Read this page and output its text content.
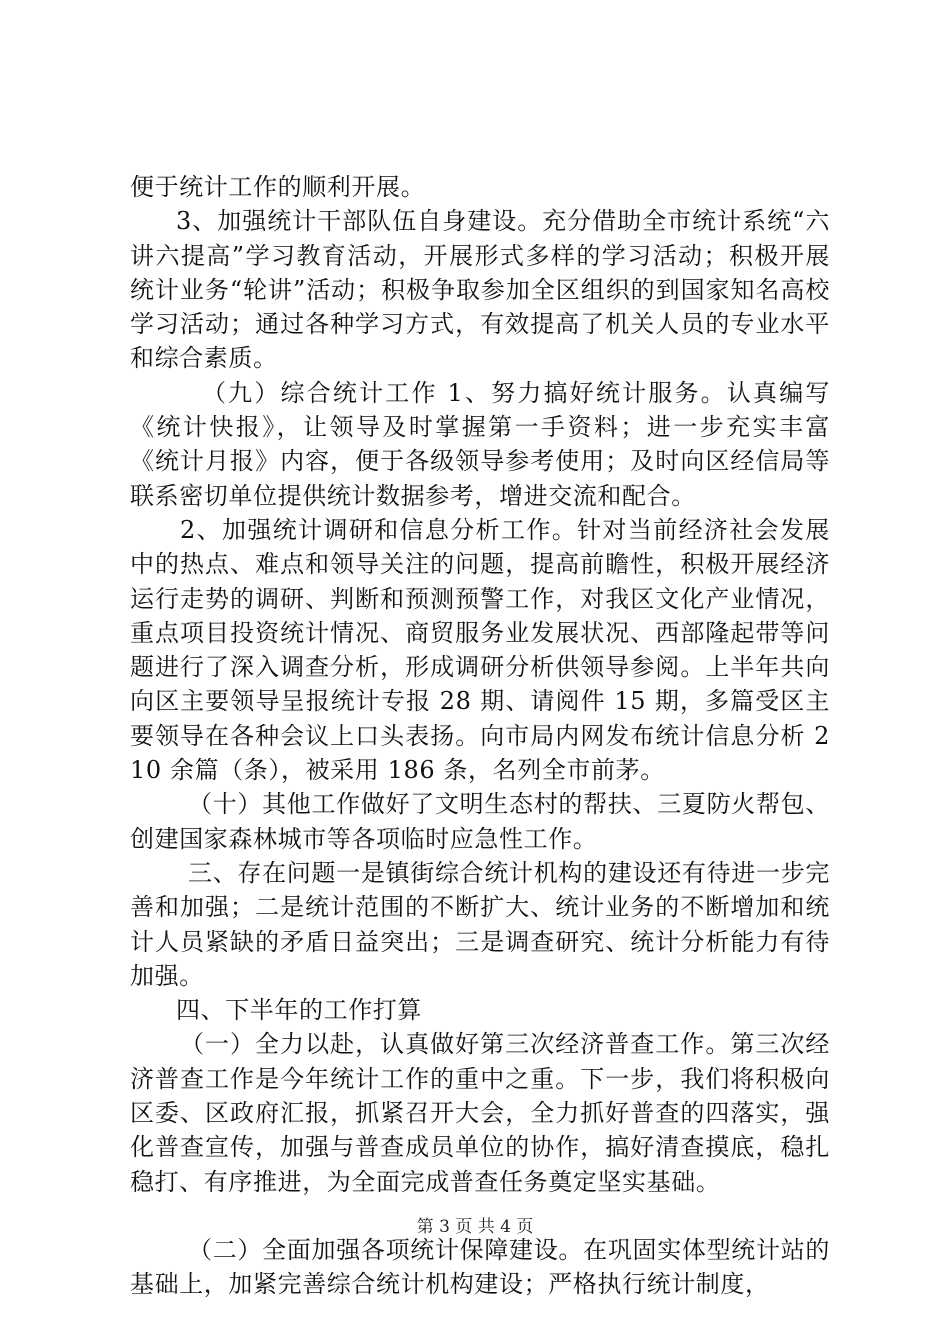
便于统计工作的顺利开展。

3、加强统计干部队伍自身建设。充分借助全市统计系统“六讲六提高”学习教育活动，开展形式多样的学习活动；积极开展统计业务“轮讲”活动；积极争取参加全区组织的到国家知名高校学习活动；通过各种学习方式，有效提高了机关人员的专业水平和综合素质。

（九）综合统计工作 1、努力搞好统计服务。认真编写《统计快报》，让领导及时掌握第一手资料；进一步充实丰富《统计月报》内容，便于各级领导参考使用；及时向区经信局等联系密切单位提供统计数据参考，增进交流和配合。

2、加强统计调研和信息分析工作。针对当前经济社会发展中的热点、难点和领导关注的问题，提高前瞻性，积极开展经济运行走势的调研、判断和预测预警工作，对我区文化产业情况，重点项目投资统计情况、商贸服务业发展状况、西部隆起带等问题进行了深入调查分析，形成调研分析供领导参阅。上半年共向向区主要领导呈报统计专报 28 期、请阅件 15 期，多篇受区主要领导在各种会议上口头表扬。向市局内网发布统计信息分析 210 余篇（条），被采用 186 条，名列全市前茅。

（十）其他工作做好了文明生态村的帮扶、三夏防火帮包、创建国家森林城市等各项临时应急性工作。

三、存在问题一是镇街综合统计机构的建设还有待进一步完善和加强；二是统计范围的不断扩大、统计业务的不断增加和统计人员紧缺的矛盾日益突出；三是调查研究、统计分析能力有待加强。

四、下半年的工作打算

（一）全力以赴，认真做好第三次经济普查工作。第三次经济普查工作是今年统计工作的重中之重。下一步，我们将积极向区委、区政府汇报，抓紧召开大会，全力抓好普查的四落实，强化普查宣传，加强与普查成员单位的协作，搞好清查摸底，稳扎稳打、有序推进，为全面完成普查任务奠定坚实基础。

（二）全面加强各项统计保障建设。在巩固实体型统计站的基础上，加紧完善综合统计机构建设；严格执行统计制度，

第 3 页 共 4 页
